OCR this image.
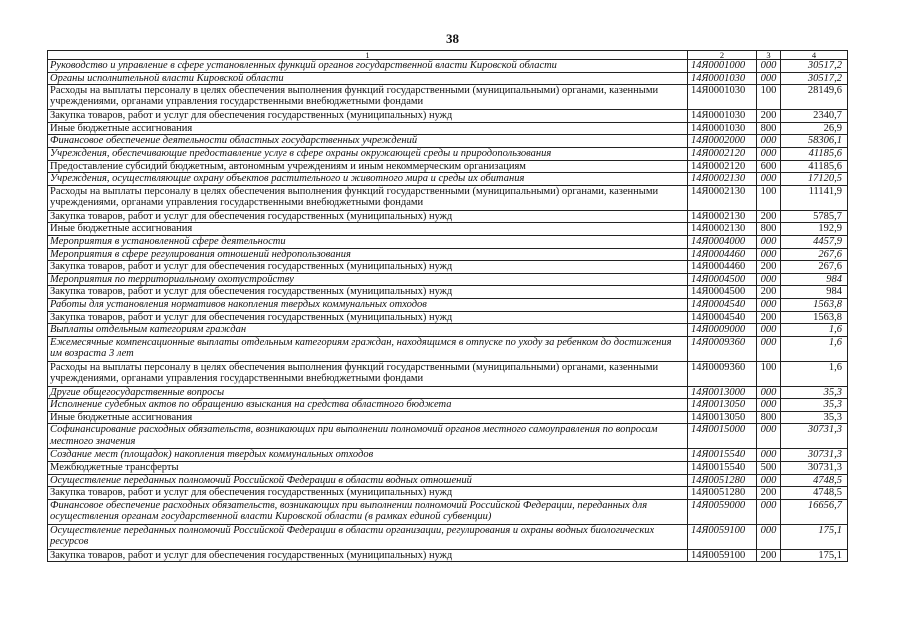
38
1	2	3	4
Руководство и управление в сфере установленных функций органов государственной власти Кировской области	14Я0001000	000	30517,2
Органы исполнительной власти Кировской области	14Я0001030	000	30517,2
Расходы на выплаты персоналу в целях обеспечения выполнения функций государственными (муниципальными) органами, казенными учреждениями, органами управления государственными внебюджетными фондами	14Я0001030	100	28149,6
Закупка товаров, работ и услуг для обеспечения государственных (муниципальных) нужд	14Я0001030	200	2340,7
Иные бюджетные ассигнования	14Я0001030	800	26,9
Финансовое обеспечение деятельности областных государственных учреждений	14Я0002000	000	58306,1
Учреждения, обеспечивающие предоставление услуг в сфере охраны окружающей среды и природопользования	14Я0002120	000	41185,6
Предоставление субсидий бюджетным, автономным учреждениям и иным некоммерческим организациям	14Я0002120	600	41185,6
Учреждения, осуществляющие охрану объектов растительного и животного мира и среды их обитания	14Я0002130	000	17120,5
Расходы на выплаты персоналу в целях обеспечения выполнения функций государственными (муниципальными) органами, казенными учреждениями, органами управления государственными внебюджетными фондами	14Я0002130	100	11141,9
Закупка товаров, работ и услуг для обеспечения государственных (муниципальных) нужд	14Я0002130	200	5785,7
Иные бюджетные ассигнования	14Я0002130	800	192,9
Мероприятия в установленной сфере деятельности	14Я0004000	000	4457,9
Мероприятия в сфере регулирования отношений недропользования	14Я0004460	000	267,6
Закупка товаров, работ и услуг для обеспечения государственных (муниципальных) нужд	14Я0004460	200	267,6
Мероприятия по территориальному охотустройству	14Я0004500	000	984
Закупка товаров, работ и услуг для обеспечения государственных (муниципальных) нужд	14Я0004500	200	984
Работы для установления нормативов накопления твердых коммунальных отходов	14Я0004540	000	1563,8
Закупка товаров, работ и услуг для обеспечения государственных (муниципальных) нужд	14Я0004540	200	1563,8
Выплаты отдельным категориям граждан	14Я0009000	000	1,6
Ежемесячные компенсационные выплаты отдельным категориям граждан, находящимся в отпуске по уходу за ребенком до достижения им возраста 3 лет	14Я0009360	000	1,6
Расходы на выплаты персоналу в целях обеспечения выполнения функций государственными (муниципальными) органами, казенными учреждениями, органами управления государственными внебюджетными фондами	14Я0009360	100	1,6
Другие общегосударственные вопросы	14Я0013000	000	35,3
Исполнение судебных актов по обращению взыскания на средства областного бюджета	14Я0013050	000	35,3
Иные бюджетные ассигнования	14Я0013050	800	35,3
Софинансирование расходных обязательств, возникающих при выполнении полномочий органов местного самоуправления по вопросам местного значения	14Я0015000	000	30731,3
Создание мест (площадок) накопления твердых коммунальных отходов	14Я0015540	000	30731,3
Межбюджетные трансферты	14Я0015540	500	30731,3
Осуществление переданных полномочий Российской Федерации в области водных отношений	14Я0051280	000	4748,5
Закупка товаров, работ и услуг для обеспечения государственных (муниципальных) нужд	14Я0051280	200	4748,5
Финансовое обеспечение расходных обязательств, возникающих при выполнении полномочий Российской Федерации, переданных для осуществления органам государственной власти Кировской области (в рамках единой субвенции)	14Я0059000	000	16656,7
Осуществление переданных полномочий Российской Федерации в области организации, регулирования и охраны водных биологических ресурсов	14Я0059100	000	175,1
Закупка товаров, работ и услуг для обеспечения государственных (муниципальных) нужд	14Я0059100	200	175,1
